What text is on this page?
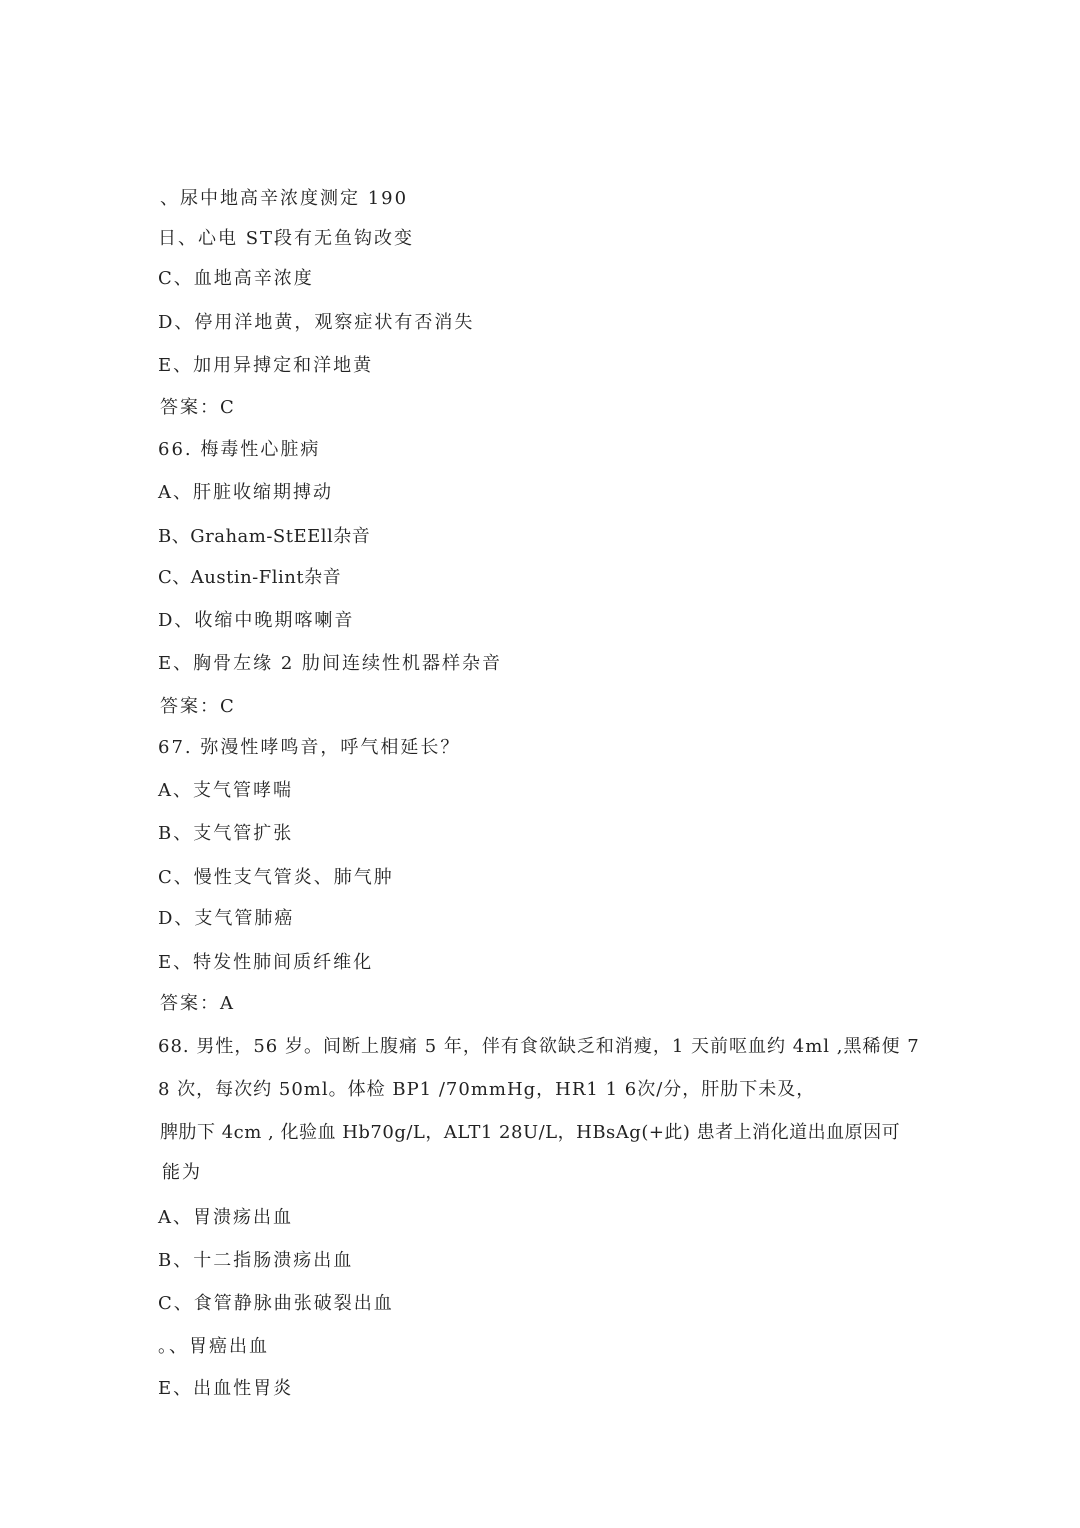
、尿中地高辛浓度测定 190
日、心电 ST段有无鱼钩改变
C、血地高辛浓度
D、停用洋地黄，观察症状有否消失
E、加用异搏定和洋地黄
答案：C
66. 梅毒性心脏病
A、肝脏收缩期搏动
B、Graham-StEEll杂音
C、Austin-Flint杂音
D、收缩中晚期喀喇音
E、胸骨左缘 2 肋间连续性机器样杂音
答案：C
67. 弥漫性哮鸣音，呼气相延长？
A、支气管哮喘
B、支气管扩张
C、慢性支气管炎、肺气肿
D、支气管肺癌
E、特发性肺间质纤维化
答案：A
68. 男性，56 岁。间断上腹痛 5 年，伴有食欲缺乏和消瘦，1 天前呕血约 4ml ,黑稀便 7
8 次，每次约 50ml。体检 BP1 /70mmHg，HR1 1 6次/分，肝肋下未及，
脾肋下 4cm , 化验血 Hb70g/L，ALT1 28U/L，HBsAg(+此) 患者上消化道出血原因可
能为
A、胃溃疡出血
B、十二指肠溃疡出血
C、食管静脉曲张破裂出血
。、胃癌出血
E、出血性胃炎
